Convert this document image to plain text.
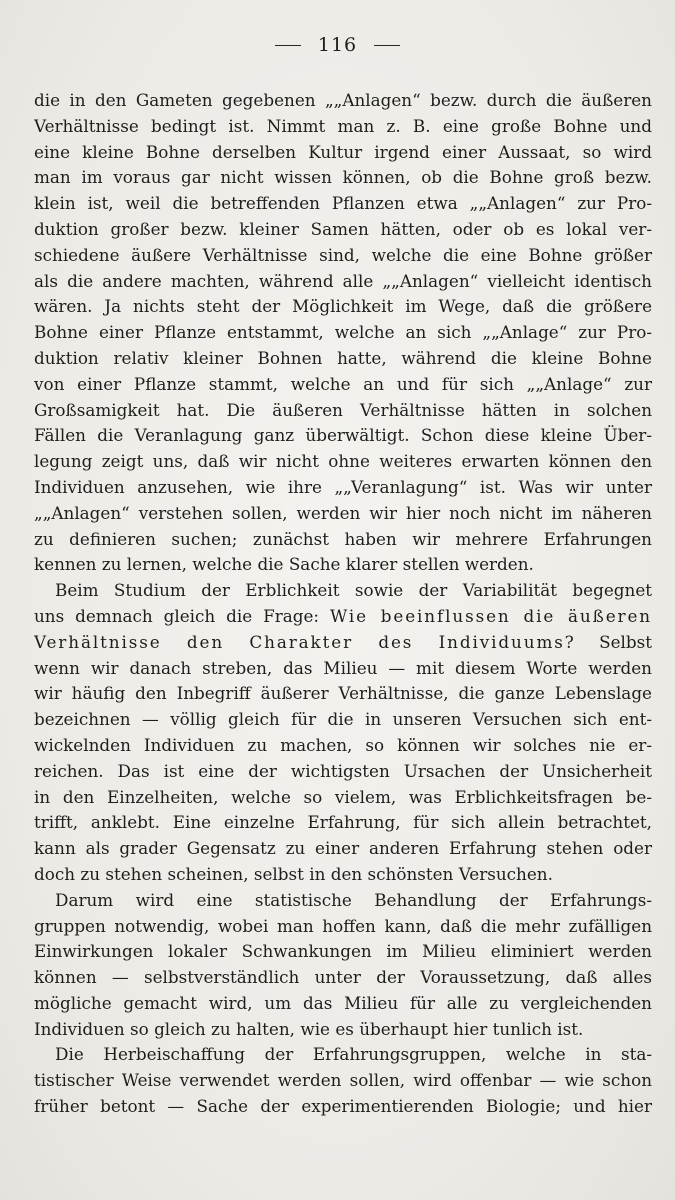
116
die in den Gameten gegebenen „„Anlagen“ bezw. durch die äußeren
Verhältnisse bedingt ist. Nimmt man z. B. eine große Bohne und
eine kleine Bohne derselben Kultur irgend einer Aussaat, so wird
man im voraus gar nicht wissen können, ob die Bohne groß bezw.
klein ist, weil die betreffenden Pflanzen etwa „„Anlagen“ zur Pro-
duktion großer bezw. kleiner Samen hätten, oder ob es lokal ver-
schiedene äußere Verhältnisse sind, welche die eine Bohne größer
als die andere machten, während alle „„Anlagen“ vielleicht identisch
wären. Ja nichts steht der Möglichkeit im Wege, daß die größere
Bohne einer Pflanze entstammt, welche an sich „„Anlage“ zur Pro-
duktion relativ kleiner Bohnen hatte, während die kleine Bohne
von einer Pflanze stammt, welche an und für sich „„Anlage“ zur
Großsamigkeit hat. Die äußeren Verhältnisse hätten in solchen
Fällen die Veranlagung ganz überwältigt. Schon diese kleine Über-
legung zeigt uns, daß wir nicht ohne weiteres erwarten können den
Individuen anzusehen, wie ihre „„Veranlagung“ ist. Was wir unter
„„Anlagen“ verstehen sollen, werden wir hier noch nicht im näheren
zu definieren suchen; zunächst haben wir mehrere Erfahrungen
kennen zu lernen, welche die Sache klarer stellen werden.
Beim Studium der Erblichkeit sowie der Variabilität begegnet
uns demnach gleich die Frage: Wie beeinflussen die äußeren
Verhältnisse den Charakter des Individuums? Selbst
wenn wir danach streben, das Milieu — mit diesem Worte werden
wir häufig den Inbegriff äußerer Verhältnisse, die ganze Lebenslage
bezeichnen — völlig gleich für die in unseren Versuchen sich ent-
wickelnden Individuen zu machen, so können wir solches nie er-
reichen. Das ist eine der wichtigsten Ursachen der Unsicherheit
in den Einzelheiten, welche so vielem, was Erblichkeitsfragen be-
trifft, anklebt. Eine einzelne Erfahrung, für sich allein betrachtet,
kann als grader Gegensatz zu einer anderen Erfahrung stehen oder
doch zu stehen scheinen, selbst in den schönsten Versuchen.
Darum wird eine statistische Behandlung der Erfahrungs-
gruppen notwendig, wobei man hoffen kann, daß die mehr zufälligen
Einwirkungen lokaler Schwankungen im Milieu eliminiert werden
können — selbstverständlich unter der Voraussetzung, daß alles
mögliche gemacht wird, um das Milieu für alle zu vergleichenden
Individuen so gleich zu halten, wie es überhaupt hier tunlich ist.
Die Herbeischaffung der Erfahrungsgruppen, welche in sta-
tistischer Weise verwendet werden sollen, wird offenbar — wie schon
früher betont — Sache der experimentierenden Biologie; und hier
